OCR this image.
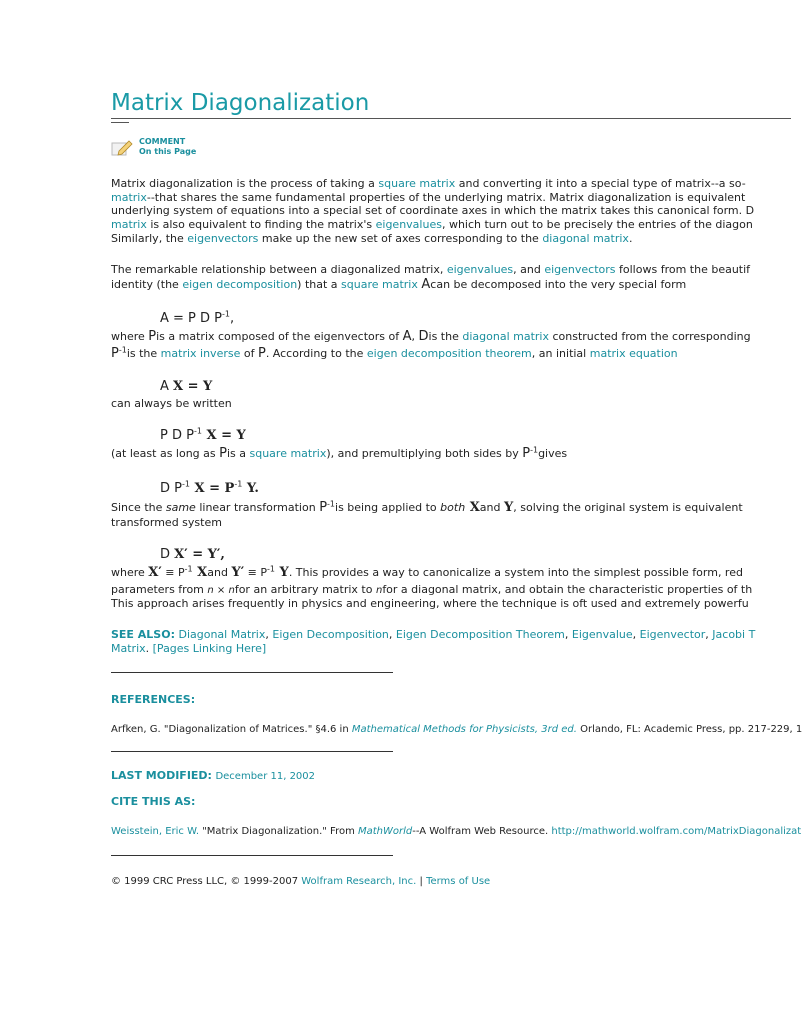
Matrix Diagonalization
COMMENT
On this Page
Matrix diagonalization is the process of taking a square matrix and converting it into a special type of matrix--a so-
matrix--that shares the same fundamental properties of the underlying matrix. Matrix diagonalization is equivalent
underlying system of equations into a special set of coordinate axes in which the matrix takes this canonical form. D
matrix is also equivalent to finding the matrix's eigenvalues, which turn out to be precisely the entries of the diagon
Similarly, the eigenvectors make up the new set of axes corresponding to the diagonal matrix.
The remarkable relationship between a diagonalized matrix, eigenvalues, and eigenvectors follows from the beautif
identity (the eigen decomposition) that a square matrix Acan be decomposed into the very special form
A = P D $P^{-1}$,
where Pis a matrix composed of the eigenvectors of A, Dis the diagonal matrix constructed from the corresponding
$P^{-1}is$ the matrix inverse of P. According to the eigen decomposition theorem, an initial matrix equation
A X = Y
can always be written
P D $P^{-1}$ X = Y
(at least as long as Pis a square matrix), and premultiplying both sides by $P^{-1}gives$
D $P^{-1}$ $X = P^{-1}$ Y.
Since the same linear transformation $P^{-1}is$ being applied to both Xand Y, solving the original system is equivalent
transformed system
D X′ = Y′,
where $X' \equiv P^{-1}$ Xand $Y' \equiv P^{-1}$ Y. This provides a way to canonicalize a system into the simplest possible form, red
parameters from n × nfor an arbitrary matrix to nfor a diagonal matrix, and obtain the characteristic properties of th
This approach arises frequently in physics and engineering, where the technique is oft used and extremely powerfu
SEE ALSO: Diagonal Matrix, Eigen Decomposition, Eigen Decomposition Theorem, Eigenvalue, Eigenvector, Jacobi T
Matrix. [Pages Linking Here]
REFERENCES:
Arfken, G. "Diagonalization of Matrices." §4.6 in Mathematical Methods for Physicists, 3rd ed. Orlando, FL: Academic Press, pp. 217-229, 1
LAST MODIFIED: December 11, 2002
CITE THIS AS:
Weisstein, Eric W. "Matrix Diagonalization." From MathWorld--A Wolfram Web Resource. http://mathworld.wolfram.com/MatrixDiagonalizat
© 1999 CRC Press LLC, © 1999-2007 Wolfram Research, Inc. | Terms of Use
